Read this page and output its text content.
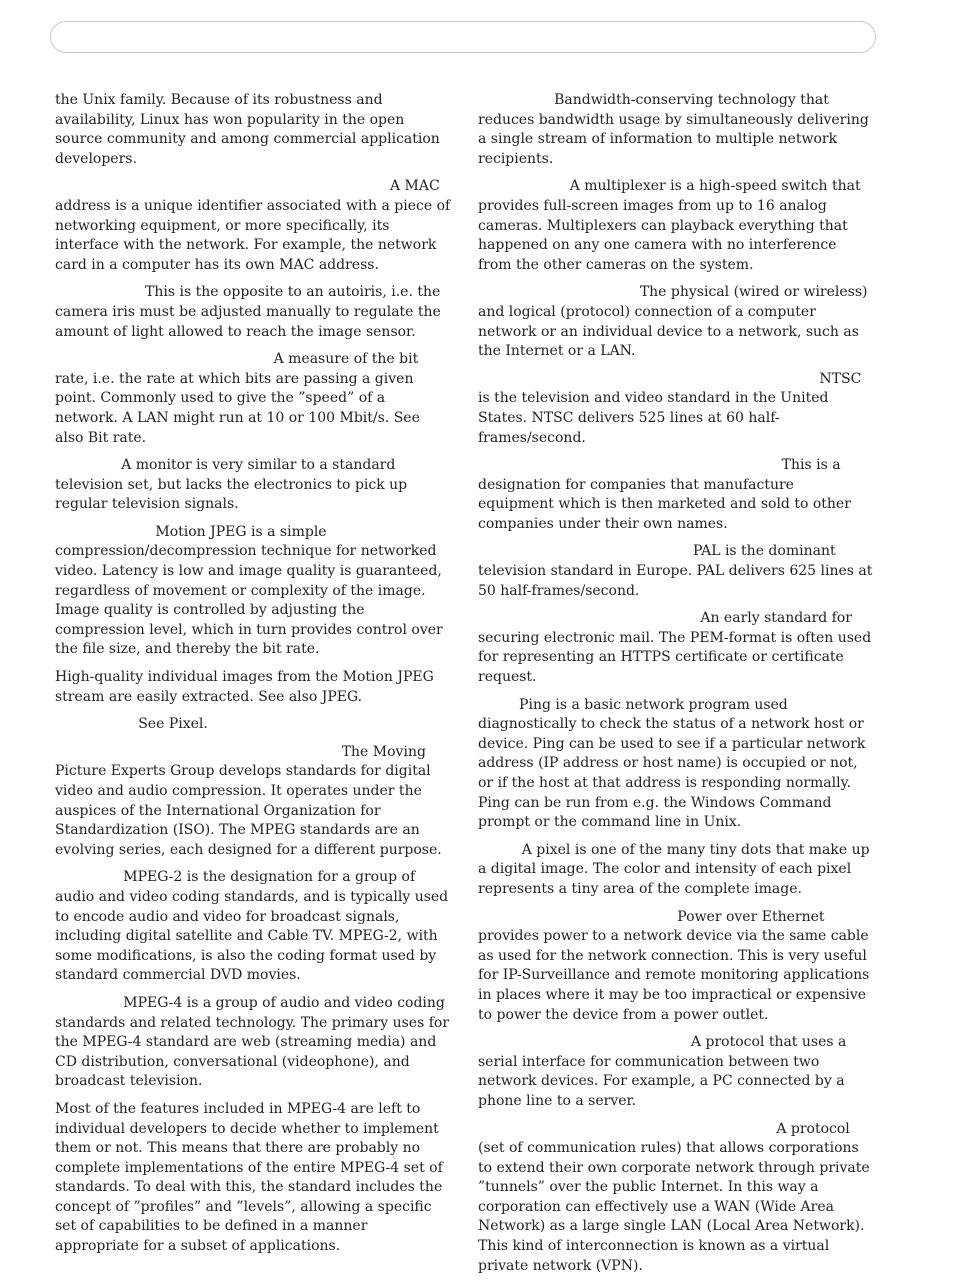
the Unix family. Because of its robustness and availability, Linux has won popularity in the open source community and among commercial application developers.

A MAC address is a unique identifier associated with a piece of networking equipment, or more specifically, its interface with the network. For example, the network card in a computer has its own MAC address.

This is the opposite to an autoiris, i.e. the camera iris must be adjusted manually to regulate the amount of light allowed to reach the image sensor.

A measure of the bit rate, i.e. the rate at which bits are passing a given point. Commonly used to give the ”speed” of a network. A LAN might run at 10 or 100 Mbit/s. See also Bit rate.

A monitor is very similar to a standard television set, but lacks the electronics to pick up regular television signals.

Motion JPEG is a simple compression/decompression technique for networked video. Latency is low and image quality is guaranteed, regardless of movement or complexity of the image. Image quality is controlled by adjusting the compression level, which in turn provides control over the file size, and thereby the bit rate.

High-quality individual images from the Motion JPEG stream are easily extracted. See also JPEG.

See Pixel.

The Moving Picture Experts Group develops standards for digital video and audio compression. It operates under the auspices of the International Organization for Standardization (ISO). The MPEG standards are an evolving series, each designed for a different purpose.

MPEG-2 is the designation for a group of audio and video coding standards, and is typically used to encode audio and video for broadcast signals, including digital satellite and Cable TV. MPEG-2, with some modifications, is also the coding format used by standard commercial DVD movies.

MPEG-4 is a group of audio and video coding standards and related technology. The primary uses for the MPEG-4 standard are web (streaming media) and CD distribution, conversational (videophone), and broadcast television.

Most of the features included in MPEG-4 are left to individual developers to decide whether to implement them or not. This means that there are probably no complete implementations of the entire MPEG-4 set of standards. To deal with this, the standard includes the concept of ”profiles” and ”levels”, allowing a specific set of capabilities to be defined in a manner appropriate for a subset of applications.

Bandwidth-conserving technology that reduces bandwidth usage by simultaneously delivering a single stream of information to multiple network recipients.

A multiplexer is a high-speed switch that provides full-screen images from up to 16 analog cameras. Multiplexers can playback everything that happened on any one camera with no interference from the other cameras on the system.

The physical (wired or wireless) and logical (protocol) connection of a computer network or an individual device to a network, such as the Internet or a LAN.

NTSC is the television and video standard in the United States. NTSC delivers 525 lines at 60 half-frames/second.

This is a designation for companies that manufacture equipment which is then marketed and sold to other companies under their own names.

PAL is the dominant television standard in Europe. PAL delivers 625 lines at 50 half-frames/second.

An early standard for securing electronic mail. The PEM-format is often used for representing an HTTPS certificate or certificate request.

Ping is a basic network program used diagnostically to check the status of a network host or device. Ping can be used to see if a particular network address (IP address or host name) is occupied or not, or if the host at that address is responding normally. Ping can be run from e.g. the Windows Command prompt or the command line in Unix.

A pixel is one of the many tiny dots that make up a digital image. The color and intensity of each pixel represents a tiny area of the complete image.

Power over Ethernet provides power to a network device via the same cable as used for the network connection. This is very useful for IP-Surveillance and remote monitoring applications in places where it may be too impractical or expensive to power the device from a power outlet.

A protocol that uses a serial interface for communication between two network devices. For example, a PC connected by a phone line to a server.

A protocol (set of communication rules) that allows corporations to extend their own corporate network through private ”tunnels” over the public Internet. In this way a corporation can effectively use a WAN (Wide Area Network) as a large single LAN (Local Area Network). This kind of interconnection is known as a virtual private network (VPN).
